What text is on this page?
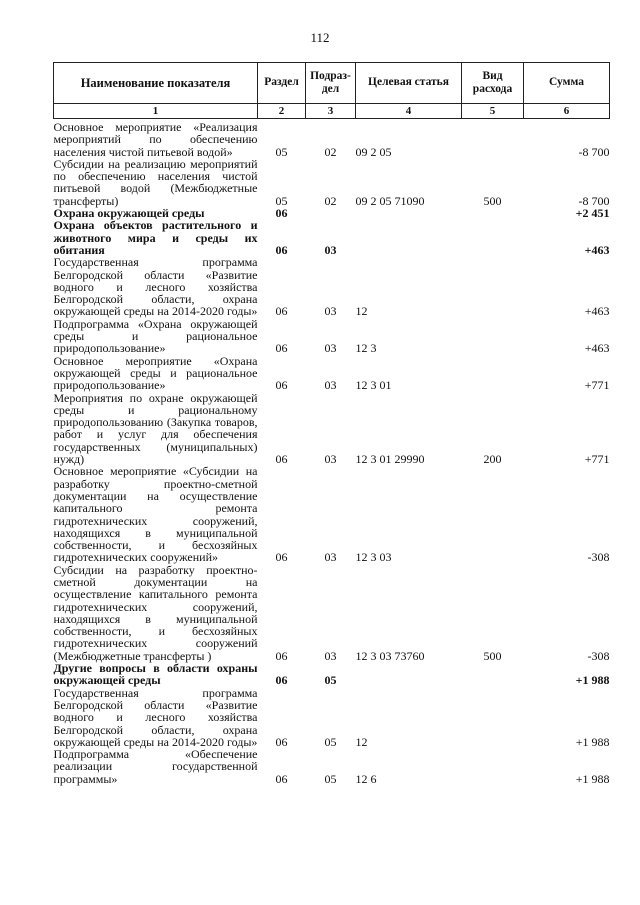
112
Наименование показателя	Раздел	Подраз-дел	Целевая статья	Вид расхода	Сумма
1	2	3	4	5	6
Основное мероприятие «Реализация мероприятий по обеспечению населения чистой питьевой водой»	05	02	09 2 05		-8 700
Субсидии на реализацию мероприятий по обеспечению населения чистой питьевой водой (Межбюджетные трансферты)	05	02	09 2 05 71090	500	-8 700
Охрана окружающей среды	06				+2 451
Охрана объектов растительного и животного мира и среды их обитания	06	03			+463
Государственная программа Белгородской области «Развитие водного и лесного хозяйства Белгородской области, охрана окружающей среды на 2014-2020 годы»	06	03	12		+463
Подпрограмма «Охрана окружающей среды и рациональное природопользование»	06	03	12 3		+463
Основное мероприятие «Охрана окружающей среды и рациональное природопользование»	06	03	12 3 01		+771
Мероприятия по охране окружающей среды и рациональному природопользованию (Закупка товаров, работ и услуг для обеспечения государственных (муниципальных) нужд)	06	03	12 3 01 29990	200	+771
Основное мероприятие «Субсидии на разработку проектно-сметной документации на осуществление капитального ремонта гидротехнических сооружений, находящихся в муниципальной собственности, и бесхозяйных гидротехнических сооружений»	06	03	12 3 03		-308
Субсидии на разработку проектно-сметной документации на осуществление капитального ремонта гидротехнических сооружений, находящихся в муниципальной собственности, и бесхозяйных гидротехнических сооружений (Межбюджетные трансферты )	06	03	12 3 03 73760	500	-308
Другие вопросы в области охраны окружающей среды	06	05			+1 988
Государственная программа Белгородской области «Развитие водного и лесного хозяйства Белгородской области, охрана окружающей среды на 2014-2020 годы»	06	05	12		+1 988
Подпрограмма «Обеспечение реализации государственной программы»	06	05	12 6		+1 988
